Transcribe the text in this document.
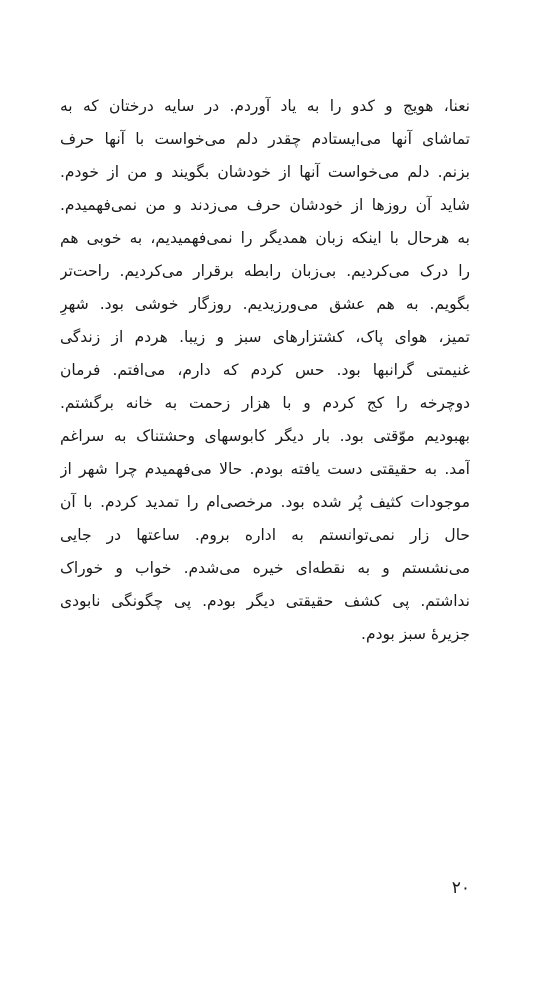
نعنا، هویج و کدو را به یاد آوردم. در سایه درختان که به
تماشای آنها می‌ایستادم چقدر دلم می‌خواست با آنها حرف
بزنم. دلم می‌خواست آنها از خودشان بگویند و من از خودم.
شاید آن روزها از خودشان حرف می‌زدند و من نمی‌فهمیدم.
به هرحال با اینکه زبان همدیگر را نمی‌فهمیدیم، به خوبی هم
را درک می‌کردیم. بی‌زبان رابطه برقرار می‌کردیم. راحت‌تر
بگویم. به هم عشق می‌ورزیدیم. روزگار خوشی بود. شهرِ
تمیز، هوای پاک، کشتزارهای سبز و زیبا. هردم از زندگی
غنیمتی گرانبها بود. حس کردم که دارم، می‌افتم. فرمان
دوچرخه را کج کردم و با هزار زحمت به خانه برگشتم.
بهبودیم موّقتی بود. بار دیگر کابوسهای وحشتناک به سراغم
آمد. به حقیقتی دست یافته بودم. حالا می‌فهمیدم چرا شهر از
موجودات کثیف پُر شده بود. مرخصی‌ام را تمدید کردم. با آن
حال زار نمی‌توانستم به اداره بروم. ساعتها در جایی
می‌نشستم و به نقطه‌ای خیره می‌شدم. خواب و خوراک
نداشتم. پی کشف حقیقتی دیگر بودم. پی چگونگی نابودی
جزیرهٔ سبز بودم.
۲۰
